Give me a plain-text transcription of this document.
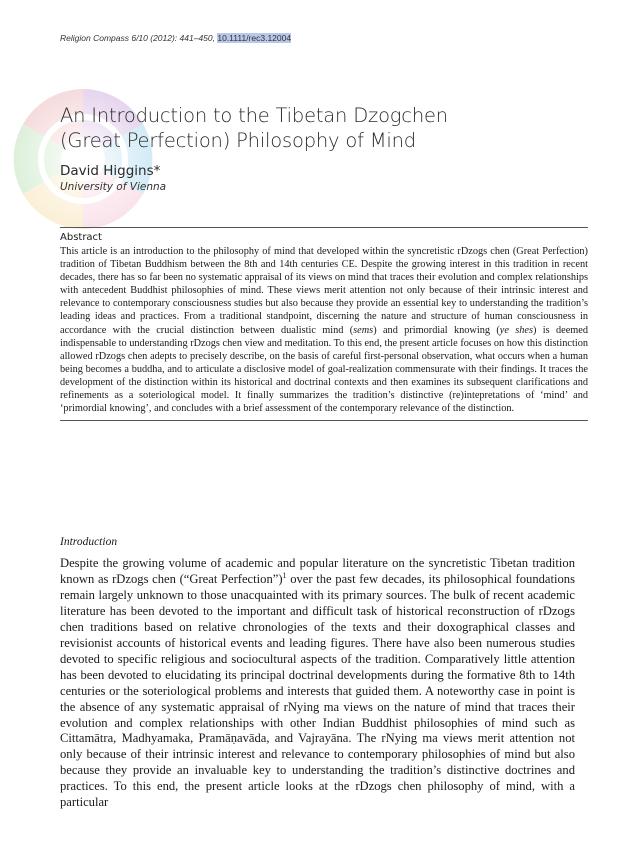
Religion Compass 6/10 (2012): 441–450, 10.1111/rec3.12004
An Introduction to the Tibetan Dzogchen
(Great Perfection) Philosophy of Mind
David Higgins*
University of Vienna
Abstract
This article is an introduction to the philosophy of mind that developed within the syncretistic rDzogs chen (Great Perfection) tradition of Tibetan Buddhism between the 8th and 14th centuries CE. Despite the growing interest in this tradition in recent decades, there has so far been no systematic appraisal of its views on mind that traces their evolution and complex relationships with antecedent Buddhist philosophies of mind. These views merit attention not only because of their intrinsic interest and relevance to contemporary consciousness studies but also because they provide an essential key to understanding the tradition’s leading ideas and practices. From a traditional standpoint, discerning the nature and structure of human consciousness in accordance with the crucial distinction between dualistic mind (sems) and primordial knowing (ye shes) is deemed indispensable to understanding rDzogs chen view and meditation. To this end, the present article focuses on how this distinction allowed rDzogs chen adepts to precisely describe, on the basis of careful first-personal observation, what occurs when a human being becomes a buddha, and to articulate a disclosive model of goal-realization commensurate with their findings. It traces the development of the distinction within its historical and doctrinal contexts and then examines its subsequent clarifications and refinements as a soteriological model. It finally summarizes the tradition’s distinctive (re)intepretations of ‘mind’ and ‘primordial knowing’, and concludes with a brief assessment of the contemporary relevance of the distinction.
Introduction
Despite the growing volume of academic and popular literature on the syncretistic Tibetan tradition known as rDzogs chen (“Great Perfection”)$^1$ over the past few decades, its philosophical foundations remain largely unknown to those unacquainted with its primary sources. The bulk of recent academic literature has been devoted to the important and difficult task of historical reconstruction of rDzogs chen traditions based on relative chronologies of the texts and their doxographical classes and revisionist accounts of historical events and leading figures. There have also been numerous studies devoted to specific religious and sociocultural aspects of the tradition. Comparatively little attention has been devoted to elucidating its principal doctrinal developments during the formative 8th to 14th centuries or the soteriological problems and interests that guided them. A noteworthy case in point is the absence of any systematic appraisal of rNying ma views on the nature of mind that traces their evolution and complex relationships with other Indian Buddhist philosophies of mind such as Cittamātra, Madhyamaka, Pramāṇavāda, and Vajrayāna. The rNying ma views merit attention not only because of their intrinsic interest and relevance to contemporary philosophies of mind but also because they provide an invaluable key to understanding the tradition’s distinctive doctrines and practices. To this end, the present article looks at the rDzogs chen philosophy of mind, with a particular
